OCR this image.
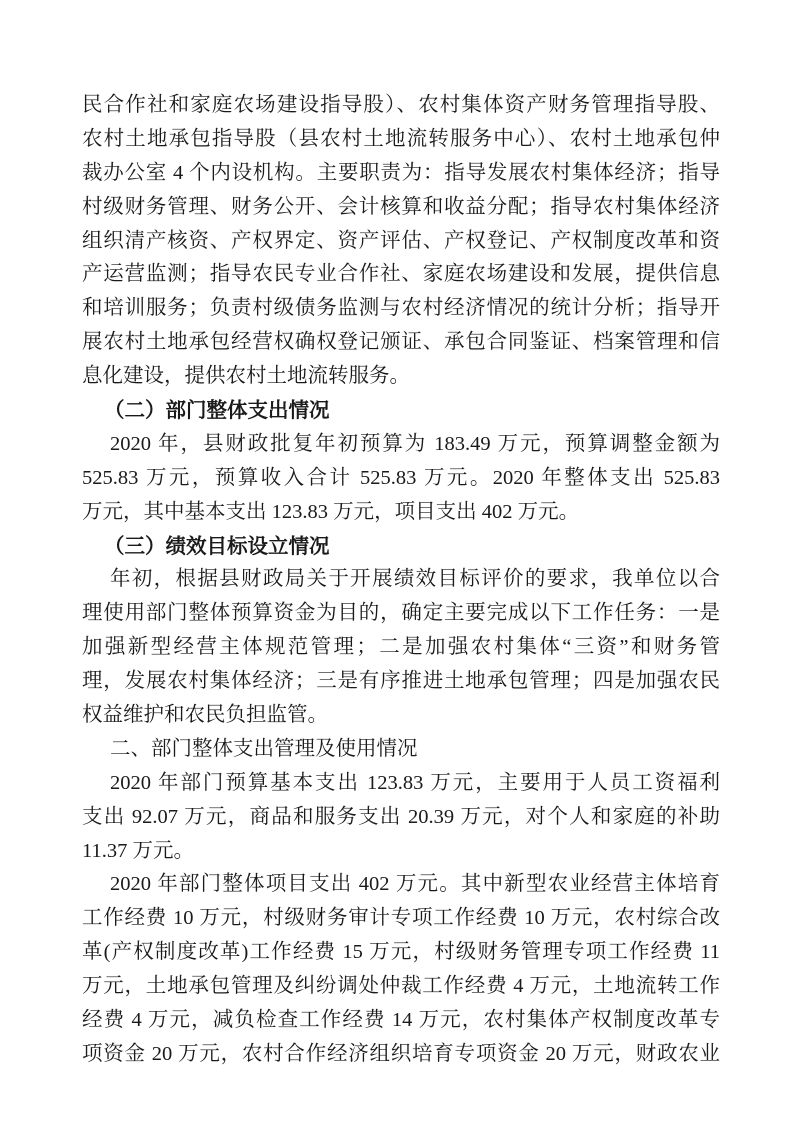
民合作社和家庭农场建设指导股）、农村集体资产财务管理指导股、
农村土地承包指导股（县农村土地流转服务中心）、农村土地承包仲
裁办公室 4 个内设机构。主要职责为：指导发展农村集体经济；指导
村级财务管理、财务公开、会计核算和收益分配；指导农村集体经济
组织清产核资、产权界定、资产评估、产权登记、产权制度改革和资
产运营监测；指导农民专业合作社、家庭农场建设和发展，提供信息
和培训服务；负责村级债务监测与农村经济情况的统计分析；指导开
展农村土地承包经营权确权登记颁证、承包合同鉴证、档案管理和信
息化建设，提供农村土地流转服务。
（二）部门整体支出情况
2020 年，县财政批复年初预算为 183.49 万元，预算调整金额为
525.83 万元，预算收入合计 525.83 万元。2020 年整体支出 525.83
万元，其中基本支出 123.83 万元，项目支出 402 万元。
（三）绩效目标设立情况
年初，根据县财政局关于开展绩效目标评价的要求，我单位以合
理使用部门整体预算资金为目的，确定主要完成以下工作任务：一是
加强新型经营主体规范管理；二是加强农村集体“三资”和财务管
理，发展农村集体经济；三是有序推进土地承包管理；四是加强农民
权益维护和农民负担监管。
二、部门整体支出管理及使用情况
2020 年部门预算基本支出 123.83 万元，主要用于人员工资福利
支出 92.07 万元，商品和服务支出 20.39 万元，对个人和家庭的补助
11.37 万元。
2020 年部门整体项目支出 402 万元。其中新型农业经营主体培育
工作经费 10 万元，村级财务审计专项工作经费 10 万元，农村综合改
革(产权制度改革)工作经费 15 万元，村级财务管理专项工作经费 11
万元，土地承包管理及纠纷调处仲裁工作经费 4 万元，土地流转工作
经费 4 万元，减负检查工作经费 14 万元，农村集体产权制度改革专
项资金 20 万元，农村合作经济组织培育专项资金 20 万元，财政农业
